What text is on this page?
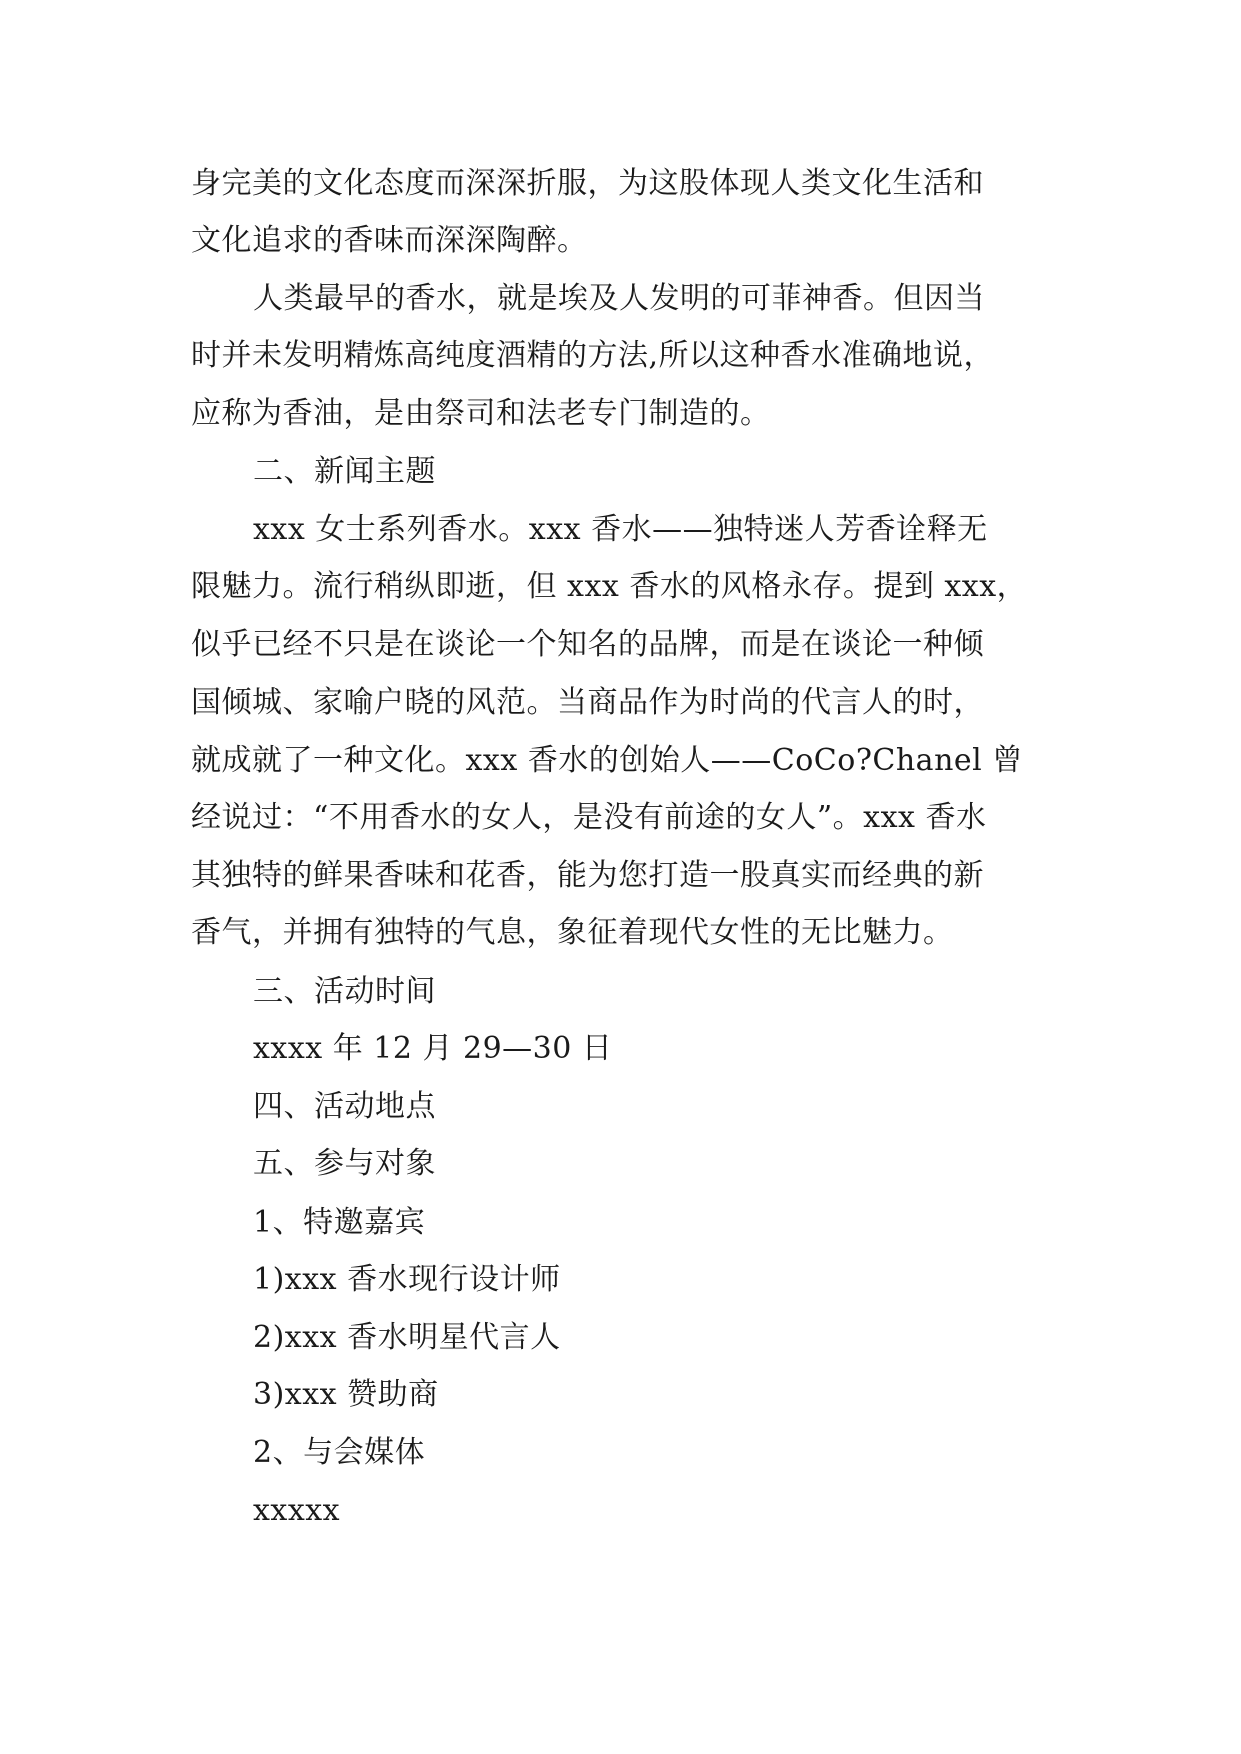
身完美的文化态度而深深折服，为这股体现人类文化生活和

文化追求的香味而深深陶醉。

人类最早的香水，就是埃及人发明的可菲神香。但因当

时并未发明精炼高纯度酒精的方法,所以这种香水准确地说，

应称为香油，是由祭司和法老专门制造的。

二、新闻主题

xxx 女士系列香水。xxx 香水——独特迷人芳香诠释无

限魅力。流行稍纵即逝，但 xxx 香水的风格永存。提到 xxx，

似乎已经不只是在谈论一个知名的品牌，而是在谈论一种倾

国倾城、家喻户晓的风范。当商品作为时尚的代言人的时，

就成就了一种文化。xxx 香水的创始人——CoCo?Chanel 曾

经说过：“不用香水的女人，是没有前途的女人”。xxx 香水

其独特的鲜果香味和花香，能为您打造一股真实而经典的新

香气，并拥有独特的气息，象征着现代女性的无比魅力。

三、活动时间

xxxx 年 12 月 29—30 日

四、活动地点

五、参与对象

1、特邀嘉宾

1)xxx 香水现行设计师

2)xxx 香水明星代言人

3)xxx 赞助商

2、与会媒体

xxxxx
